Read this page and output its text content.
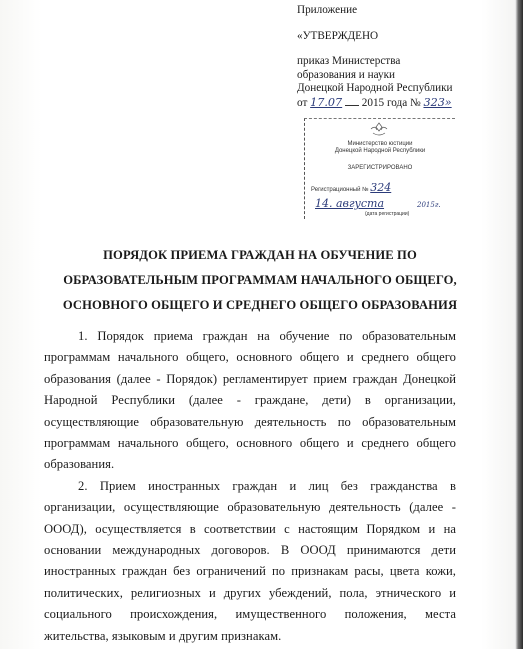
Приложение
«УТВЕРЖДЕНО
приказ Министерства
образования и науки
Донецкой Народной Республики
от 17.07 2015 года № 323»
Министерство юстиции
Донецкой Народной Республики
ЗАРЕГИСТРИРОВАНО
Регистрационный № 324
14. августа	2015г.
(дата регистрации)
ПОРЯДОК ПРИЕМА ГРАЖДАН НА ОБУЧЕНИЕ ПО
ОБРАЗОВАТЕЛЬНЫМ ПРОГРАММАМ НАЧАЛЬНОГО ОБЩЕГО,
ОСНОВНОГО ОБЩЕГО И СРЕДНЕГО ОБЩЕГО ОБРАЗОВАНИЯ

1. Порядок приема граждан на обучение по образовательным программам начального общего, основного общего и среднего общего образования (далее - Порядок) регламентирует прием граждан Донецкой Народной Республики (далее - граждане, дети) в организации, осуществляющие образовательную деятельность по образовательным программам начального общего, основного общего и среднего общего образования.

2. Прием иностранных граждан и лиц без гражданства в организации, осуществляющие образовательную деятельность (далее - ОООД), осуществляется в соответствии с настоящим Порядком и на основании международных договоров. В ОООД принимаются дети иностранных граждан без ограничений по признакам расы, цвета кожи, политических, религиозных и других убеждений, пола, этнического и социального происхождения, имущественного положения, места жительства, языковым и другим признакам.
